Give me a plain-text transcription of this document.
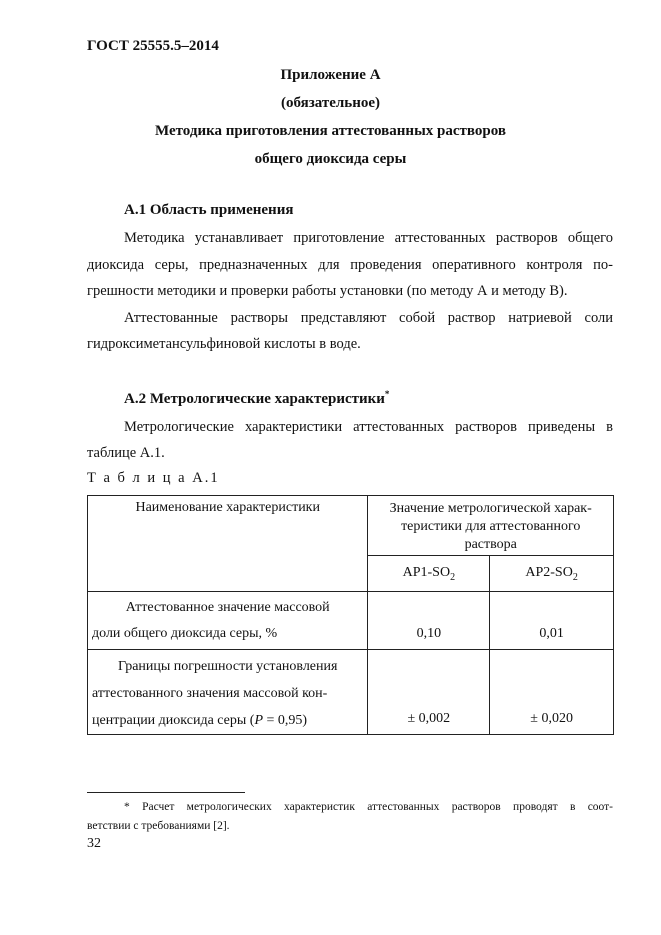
ГОСТ 25555.5–2014
Приложение А
(обязательное)
Методика приготовления аттестованных растворов
общего диоксида серы
А.1 Область применения
Методика устанавливает приготовление аттестованных растворов общего
диоксида серы, предназначенных для проведения оперативного контроля по-
грешности методики и проверки работы установки (по методу А и методу В).
Аттестованные растворы представляют собой раствор натриевой соли
гидроксиметансульфиновой кислоты в воде.
А.2 Метрологические характеристики*
Метрологические характеристики аттестованных растворов приведены в
таблице А.1.
Т а б л и ц а А.1
Наименование характеристики	Значение метрологической харак-
теристики для аттестованного
раствора	

	$АР1-SO_2$	$АР2-SO_2$

Аттестованное значение массовой
доли общего диоксида серы, %	0,10	0,01

Границы погрешности установления
аттестованного значения массовой кон-
центрации диоксида серы (Р = 0,95)	± 0,002	± 0,020
* Расчет метрологических характеристик аттестованных растворов проводят в соот-
ветствии с требованиями [2].
32
